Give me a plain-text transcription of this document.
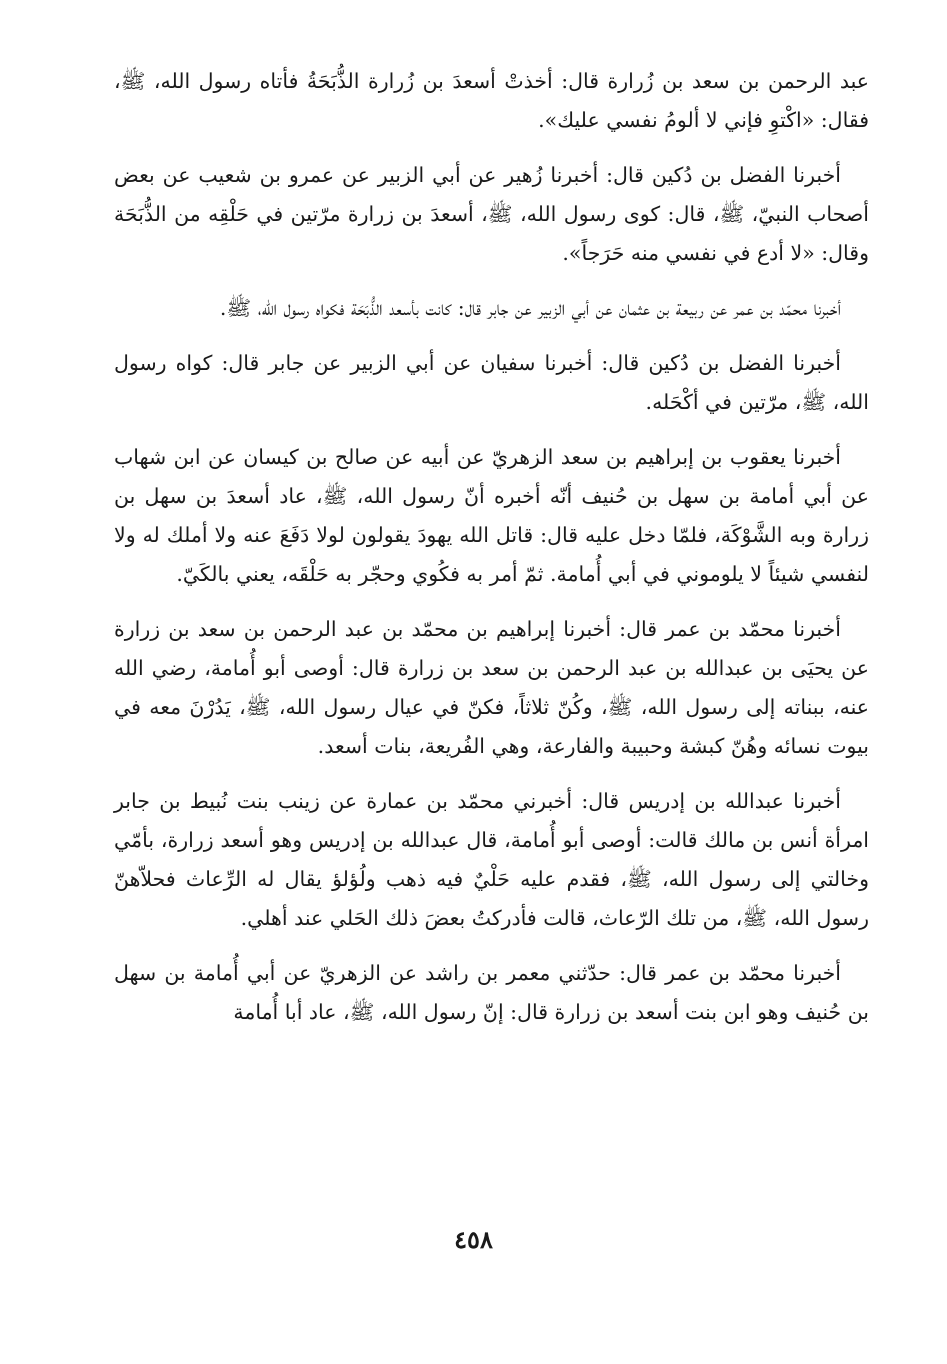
عبد الرحمن بن سعد بن زُرارة قال: أخذتْ أسعدَ بن زُرارة الذُّبَحَةُ فأتاه رسول الله، ﷺ، فقال: «اكْتوِ فإني لا ألومُ نفسي عليك».

أخبرنا الفضل بن دُكين قال: أخبرنا زُهير عن أبي الزبير عن عمرو بن شعيب عن بعض أصحاب النبيّ، ﷺ، قال: كوى رسول الله، ﷺ، أسعدَ بن زرارة مرّتين في حَلْقِه من الذُّبَحَة وقال: «لا أدع في نفسي منه حَرَجاً».

أخبرنا محمّد بن عمر عن ربيعة بن عثمان عن أبي الزبير عن جابر قال: كانت بأسعد الذُّبَحَة فكواه رسول الله، ﷺ.

أخبرنا الفضل بن دُكين قال: أخبرنا سفيان عن أبي الزبير عن جابر قال: كواه رسول الله، ﷺ، مرّتين في أكْحَله.

أخبرنا يعقوب بن إبراهيم بن سعد الزهريّ عن أبيه عن صالح بن كيسان عن ابن شهاب عن أبي أمامة بن سهل بن حُنيف أنّه أخبره أنّ رسول الله، ﷺ، عاد أسعدَ بن سهل بن زرارة وبه الشَّوْكَة، فلمّا دخل عليه قال: قاتل الله يهودَ يقولون لولا دَفَعَ عنه ولا أملك له ولا لنفسي شيئاً لا يلوموني في أبي أُمامة. ثمّ أمر به فكُوي وحجّر به حَلْقَه، يعني بالكَيّ.

أخبرنا محمّد بن عمر قال: أخبرنا إبراهيم بن محمّد بن عبد الرحمن بن سعد بن زرارة عن يحيَى بن عبدالله بن عبد الرحمن بن سعد بن زرارة قال: أوصى أبو أُمامة، رضي الله عنه، ببناته إلى رسول الله، ﷺ، وكُنّ ثلاثاً، فكنّ في عيال رسول الله، ﷺ، يَدُرْنَ معه في بيوت نسائه وهُنّ كبشة وحبيبة والفارعة، وهي الفُريعة، بنات أسعد.

أخبرنا عبدالله بن إدريس قال: أخبرني محمّد بن عمارة عن زينب بنت نُبيط بن جابر امرأة أنس بن مالك قالت: أوصى أبو أُمامة، قال عبدالله بن إدريس وهو أسعد زرارة، بأمّي وخالتي إلى رسول الله، ﷺ، فقدم عليه حَلْيٌ فيه ذهب ولُؤلؤ يقال له الرِّعاث فحلاّهنّ رسول الله، ﷺ، من تلك الرّعاث، قالت فأدركتُ بعضَ ذلك الحَلي عند أهلي.

أخبرنا محمّد بن عمر قال: حدّثني معمر بن راشد عن الزهريّ عن أبي أُمامة بن سهل بن حُنيف وهو ابن بنت أسعد بن زرارة قال: إنّ رسول الله، ﷺ، عاد أبا أُمامة

٤٥٨
